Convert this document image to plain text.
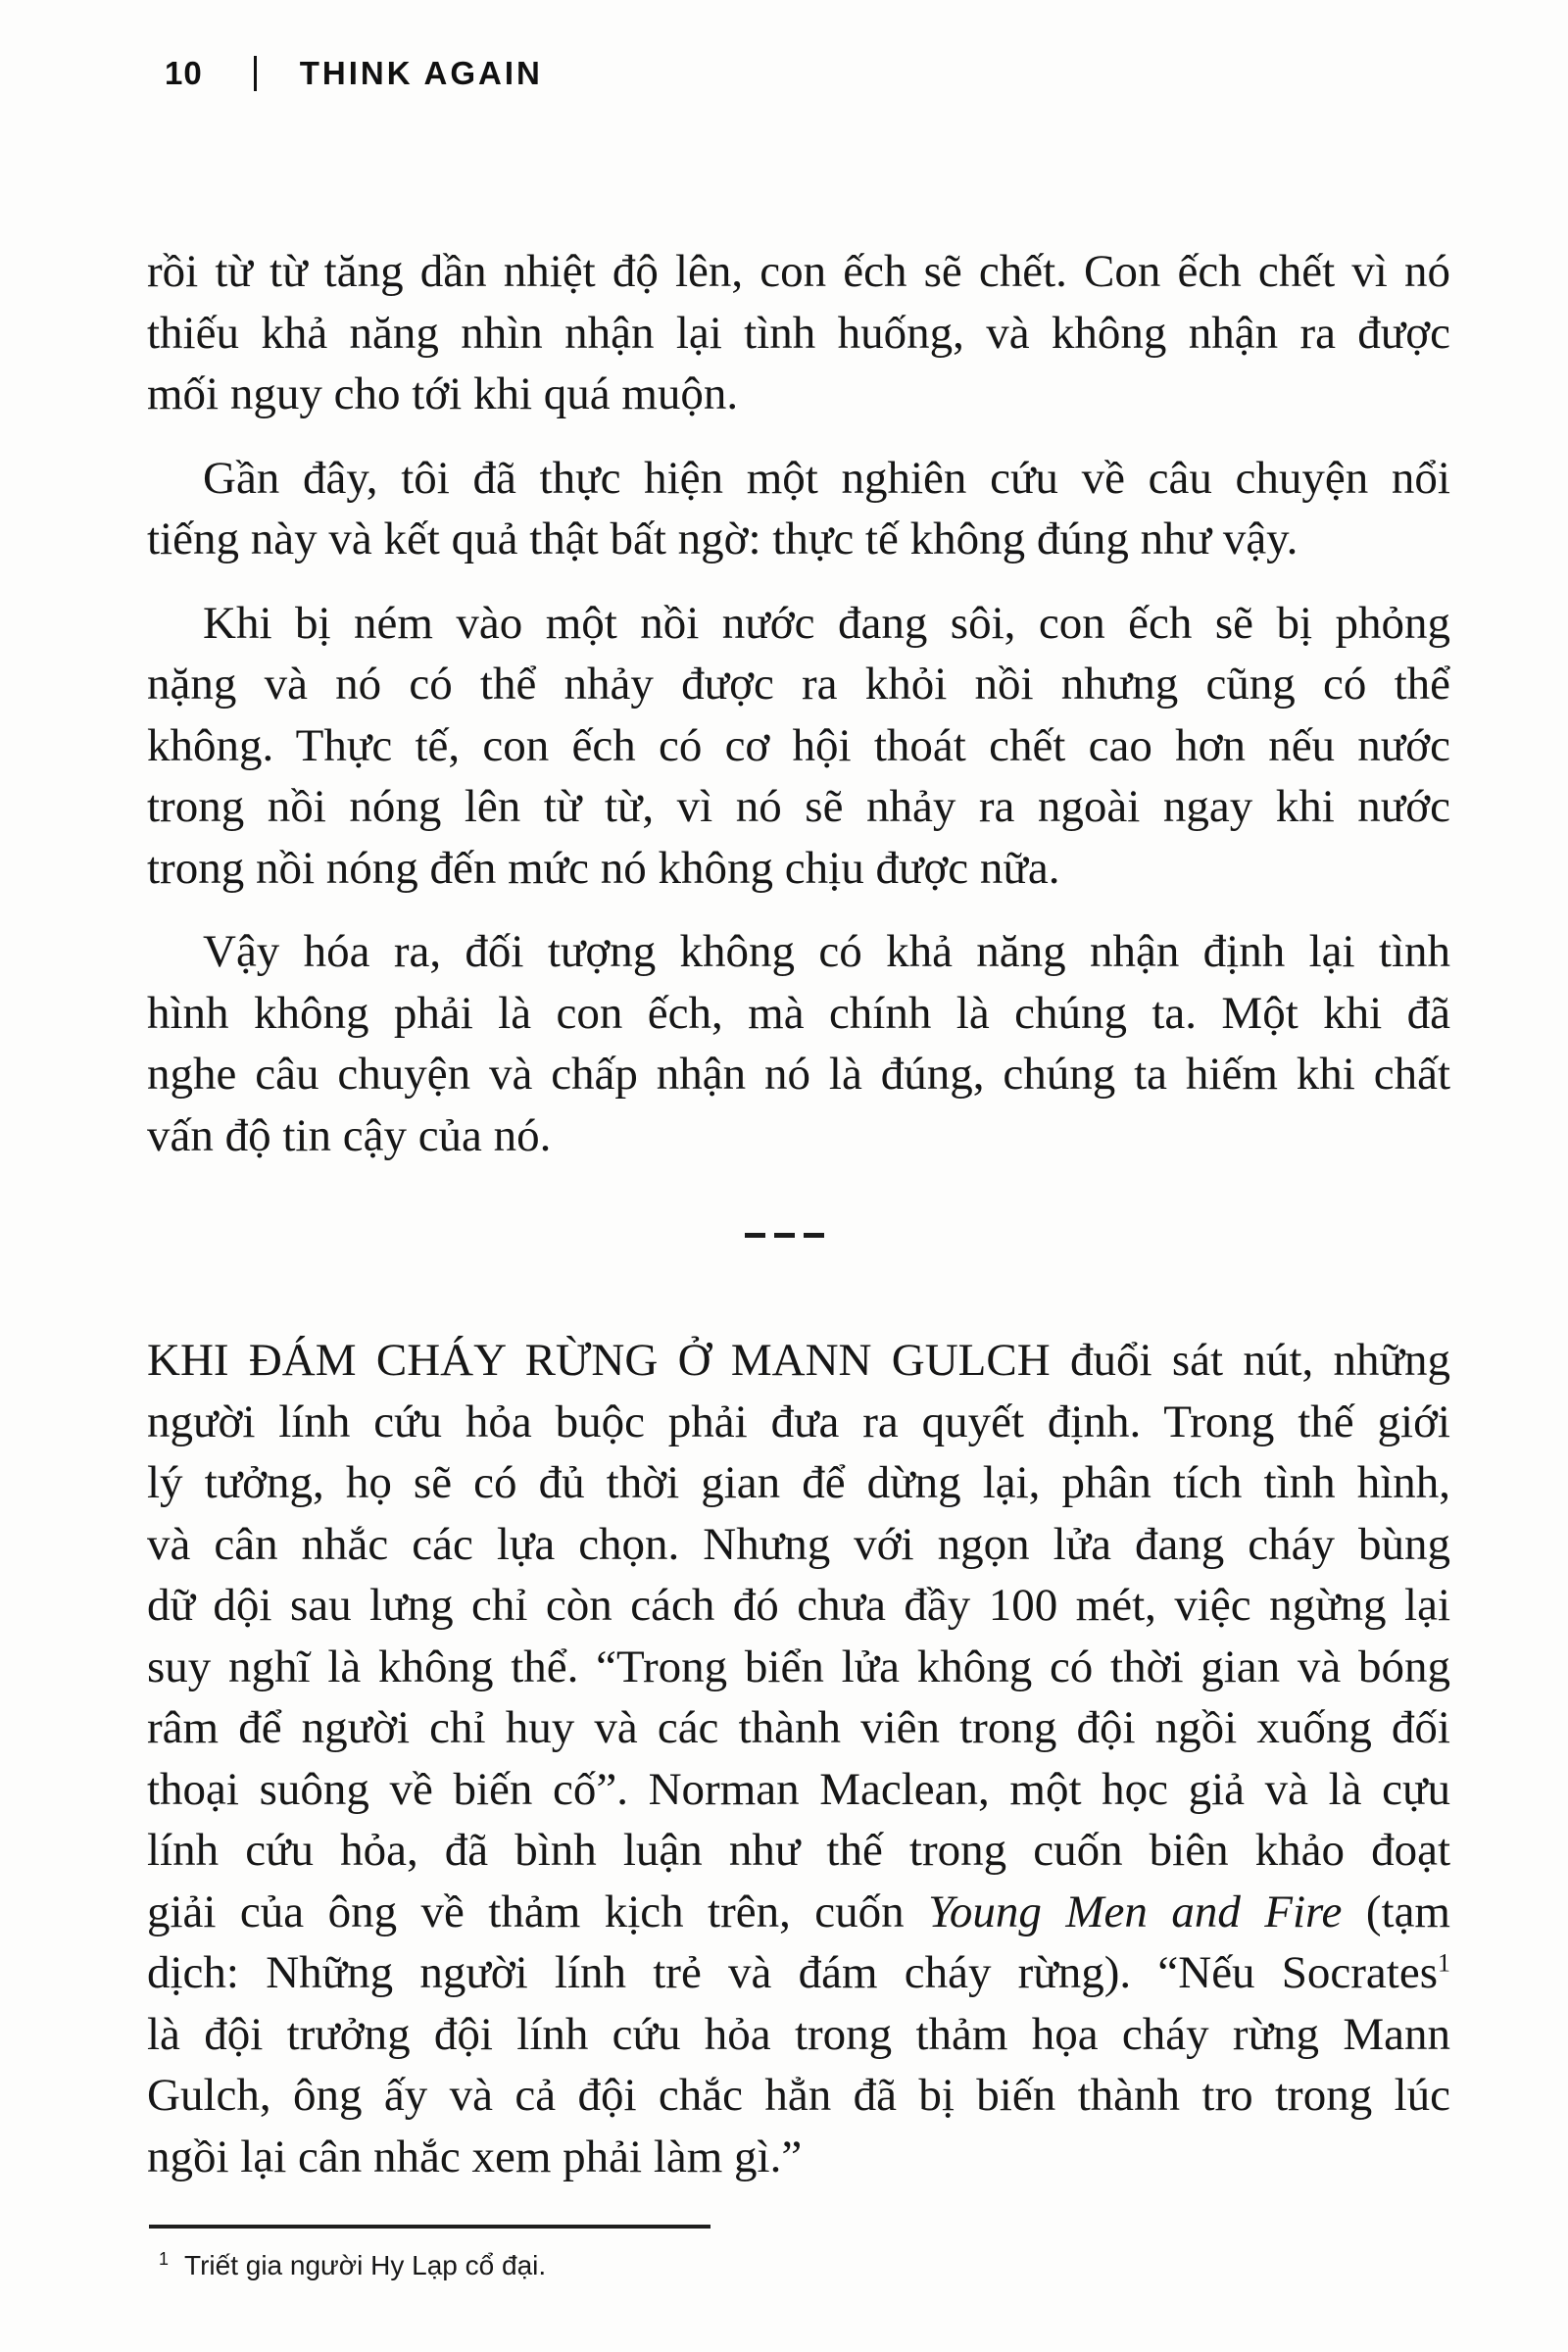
10	THINK AGAIN
rồi từ từ tăng dần nhiệt độ lên, con ếch sẽ chết. Con ếch chết vì nó
thiếu khả năng nhìn nhận lại tình huống, và không nhận ra được
mối nguy cho tới khi quá muộn.
Gần đây, tôi đã thực hiện một nghiên cứu về câu chuyện nổi
tiếng này và kết quả thật bất ngờ: thực tế không đúng như vậy.
Khi bị ném vào một nồi nước đang sôi, con ếch sẽ bị phỏng
nặng và nó có thể nhảy được ra khỏi nồi nhưng cũng có thể
không. Thực tế, con ếch có cơ hội thoát chết cao hơn nếu nước
trong nồi nóng lên từ từ, vì nó sẽ nhảy ra ngoài ngay khi nước
trong nồi nóng đến mức nó không chịu được nữa.
Vậy hóa ra, đối tượng không có khả năng nhận định lại tình
hình không phải là con ếch, mà chính là chúng ta. Một khi đã
nghe câu chuyện và chấp nhận nó là đúng, chúng ta hiếm khi chất
vấn độ tin cậy của nó.
KHI ĐÁM CHÁY RỪNG Ở MANN GULCH đuổi sát nút, những
người lính cứu hỏa buộc phải đưa ra quyết định. Trong thế giới
lý tưởng, họ sẽ có đủ thời gian để dừng lại, phân tích tình hình,
và cân nhắc các lựa chọn. Nhưng với ngọn lửa đang cháy bùng
dữ dội sau lưng chỉ còn cách đó chưa đầy 100 mét, việc ngừng lại
suy nghĩ là không thể. “Trong biển lửa không có thời gian và bóng
râm để người chỉ huy và các thành viên trong đội ngồi xuống đối
thoại suông về biến cố”. Norman Maclean, một học giả và là cựu
lính cứu hỏa, đã bình luận như thế trong cuốn biên khảo đoạt
giải của ông về thảm kịch trên, cuốn Young Men and Fire (tạm
dịch: Những người lính trẻ và đám cháy rừng). “Nếu Socrates$^1$
là đội trưởng đội lính cứu hỏa trong thảm họa cháy rừng Mann
Gulch, ông ấy và cả đội chắc hẳn đã bị biến thành tro trong lúc
ngồi lại cân nhắc xem phải làm gì.”
$^1$ Triết gia người Hy Lạp cổ đại.
